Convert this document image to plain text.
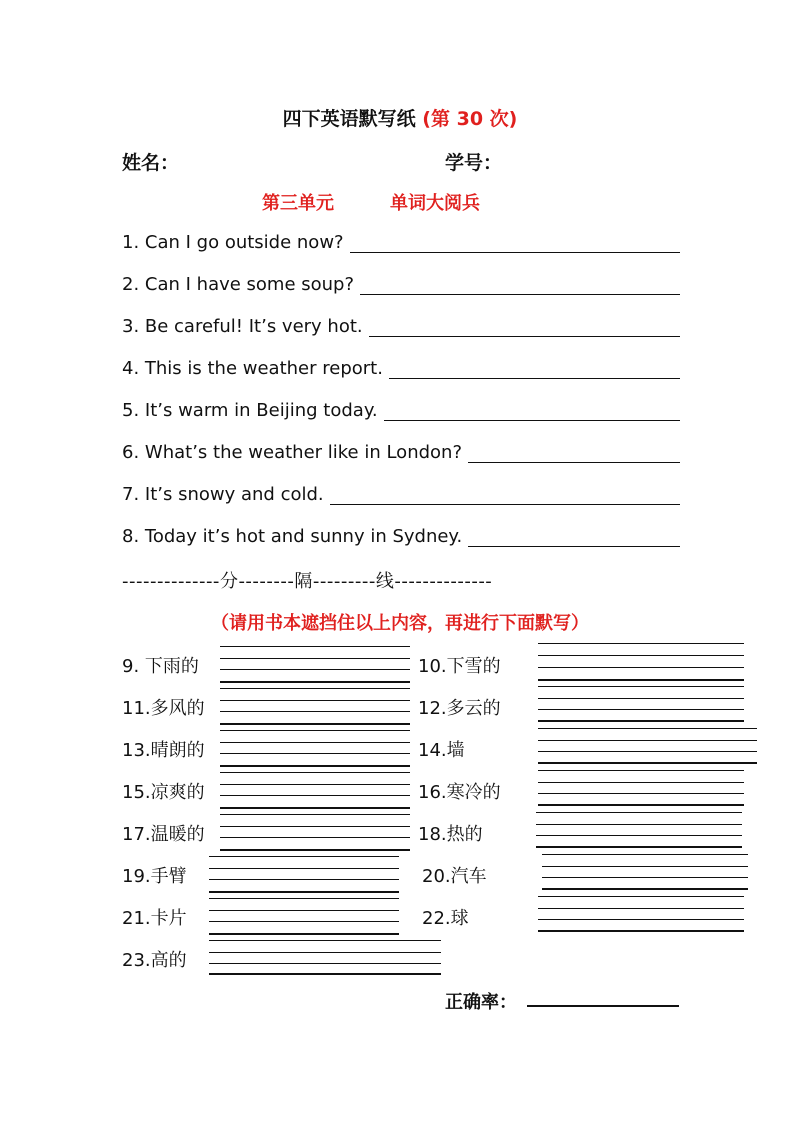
四下英语默写纸 (第 30 次)
姓名：	学号：
第三单元	单词大阅兵
1. Can I go outside now?
2. Can I have some soup?
3. Be careful! It’s very hot.
4. This is the weather report.
5. It’s warm in Beijing today.
6. What’s the weather like in London?
7. It’s snowy and cold.
8. Today it’s hot and sunny in Sydney.
--------------分--------隔---------线--------------
（请用书本遮挡住以上内容，再进行下面默写）
9. 下雨的	10.下雪的
11.多风的	12.多云的
13.晴朗的	14.墙
15.凉爽的	16.寒冷的
17.温暖的	18.热的
19.手臂	20.汽车
21.卡片	22.球
23.高的
正确率：
